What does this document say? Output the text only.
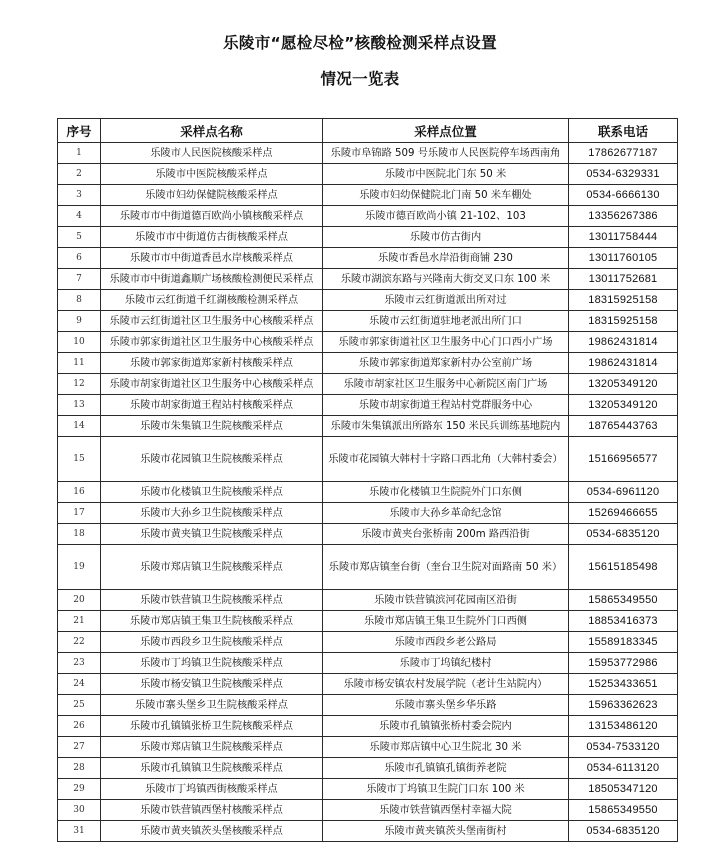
乐陵市“愿检尽检”核酸检测采样点设置
情况一览表
序号	采样点名称	采样点位置	联系电话
1	乐陵市人民医院核酸采样点	乐陵市阜锦路 509 号乐陵市人民医院停车场西南角	17862677187
2	乐陵市中医院核酸采样点	乐陵市中医院北门东 50 米	0534-6329331
3	乐陵市妇幼保健院核酸采样点	乐陵市妇幼保健院北门南 50 米车棚处	0534-6666130
4	乐陵市市中街道德百欧尚小镇核酸采样点	乐陵市德百欧尚小镇 21-102、103	13356267386
5	乐陵市市中街道仿古街核酸采样点	乐陵市仿古街内	13011758444
6	乐陵市市中街道香邑水岸核酸采样点	乐陵市香邑水岸沿街商铺 230	13011760105
7	乐陵市市中街道鑫顺广场核酸检测便民采样点	乐陵市湖滨东路与兴隆南大街交叉口东 100 米	13011752681
8	乐陵市云红街道千红湖核酸检测采样点	乐陵市云红街道派出所对过	18315925158
9	乐陵市云红街道社区卫生服务中心核酸采样点	乐陵市云红街道驻地老派出所门口	18315925158
10	乐陵市郭家街道社区卫生服务中心核酸采样点	乐陵市郭家街道社区卫生服务中心门口西小广场	19862431814
11	乐陵市郭家街道郑家新村核酸采样点	乐陵市郭家街道郑家新村办公室前广场	19862431814
12	乐陵市胡家街道社区卫生服务中心核酸采样点	乐陵市胡家社区卫生服务中心新院区南门广场	13205349120
13	乐陵市胡家街道王程站村核酸采样点	乐陵市胡家街道王程站村党群服务中心	13205349120
14	乐陵市朱集镇卫生院核酸采样点	乐陵市朱集镇派出所路东 150 米民兵训练基地院内	18765443763
15	乐陵市花园镇卫生院核酸采样点	乐陵市花园镇大韩村十字路口西北角（大韩村委会）	15166956577
16	乐陵市化楼镇卫生院核酸采样点	乐陵市化楼镇卫生院院外门口东侧	0534-6961120
17	乐陵市大孙乡卫生院核酸采样点	乐陵市大孙乡革命纪念馆	15269466655
18	乐陵市黄夹镇卫生院核酸采样点	乐陵市黄夹台张桥南 200m 路西沿街	0534-6835120
19	乐陵市郑店镇卫生院核酸采样点	乐陵市郑店镇奎台街（奎台卫生院对面路南 50 米）	15615185498
20	乐陵市铁营镇卫生院核酸采样点	乐陵市铁营镇滨河花园南区沿街	15865349550
21	乐陵市郑店镇王集卫生院核酸采样点	乐陵市郑店镇王集卫生院外门口西侧	18853416373
22	乐陵市西段乡卫生院核酸采样点	乐陵市西段乡老公路局	15589183345
23	乐陵市丁坞镇卫生院核酸采样点	乐陵市丁坞镇纪楼村	15953772986
24	乐陵市杨安镇卫生院核酸采样点	乐陵市杨安镇农村发展学院（老计生站院内）	15253433651
25	乐陵市寨头堡乡卫生院核酸采样点	乐陵市寨头堡乡华乐路	15963362623
26	乐陵市孔镇镇张桥卫生院核酸采样点	乐陵市孔镇镇张桥村委会院内	13153486120
27	乐陵市郑店镇卫生院核酸采样点	乐陵市郑店镇中心卫生院北 30 米	0534-7533120
28	乐陵市孔镇镇卫生院核酸采样点	乐陵市孔镇镇孔镇街养老院	0534-6113120
29	乐陵市丁坞镇西街核酸采样点	乐陵市丁坞镇卫生院门口东 100 米	18505347120
30	乐陵市铁营镇西堡村核酸采样点	乐陵市铁营镇西堡村幸福大院	15865349550
31	乐陵市黄夹镇茨头堡核酸采样点	乐陵市黄夹镇茨头堡南街村	0534-6835120
